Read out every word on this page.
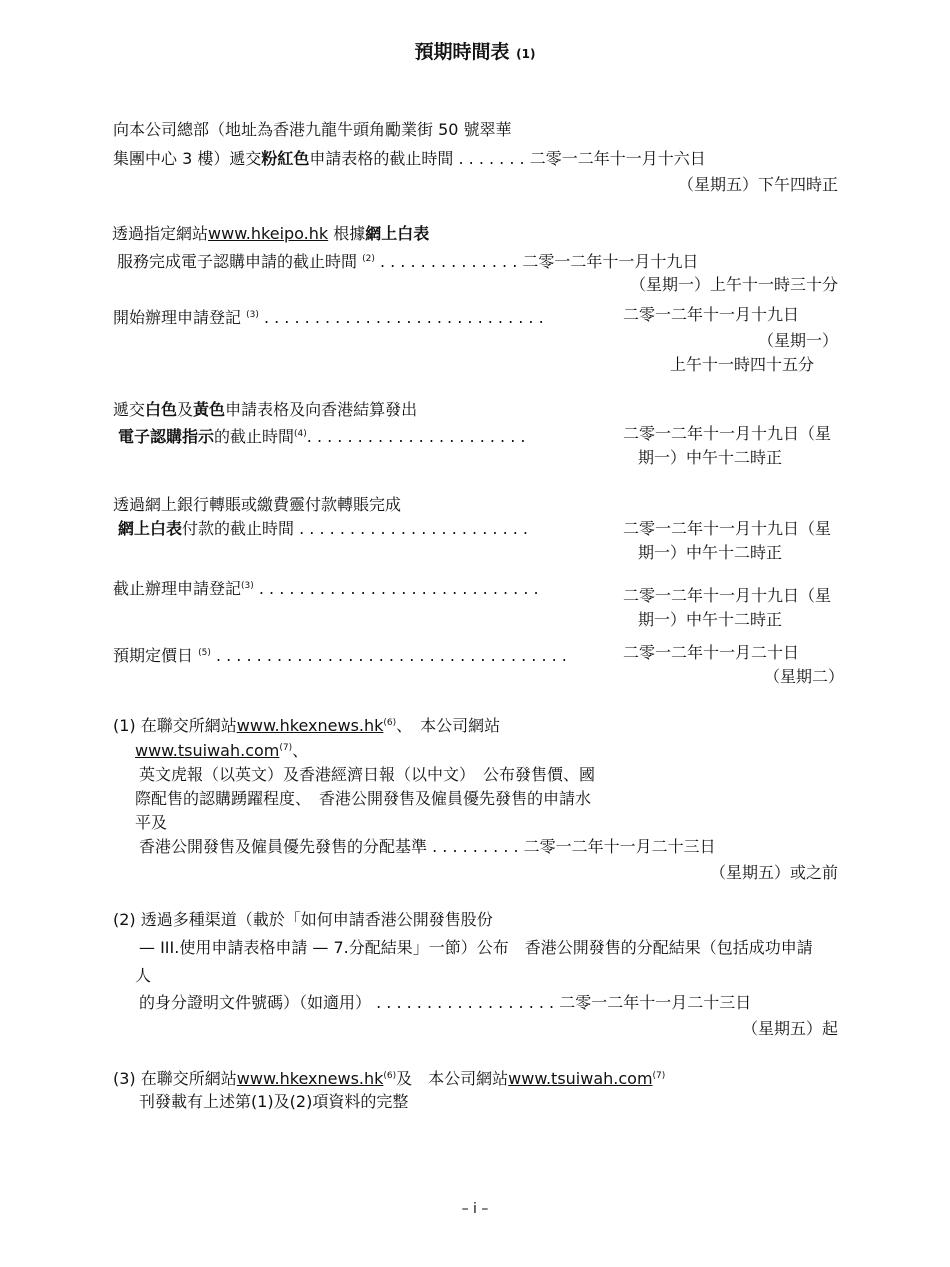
預期時間表 (1)
向本公司總部（地址為香港九龍牛頭角勵業街 50 號翠華
集團中心 3 樓）遞交粉紅色申請表格的截止時間 . . . . . . . 二零一二年十一月十六日
（星期五）下午四時正
透過指定網站www.hkeipo.hk 根據網上白表
服務完成電子認購申請的截止時間 $^{(2)}$ . . . . . . . . . . . . . . 二零一二年十一月十九日
（星期一）上午十一時三十分
開始辦理申請登記 $^{(3)}$ . . . . . . . . . . . . . . . . . . . . . . . . . . . .	二零一二年十一月十九日
（星期一）
上午十一時四十五分
遞交白色及黃色申請表格及向香港結算發出
電子認購指示的截止時間$^{(4)}$. . . . . . . . . . . . . . . . . . . . . .	二零一二年十一月十九日（星
期一）中午十二時正
透過網上銀行轉賬或繳費靈付款轉賬完成
網上白表付款的截止時間 . . . . . . . . . . . . . . . . . . . . . . .	二零一二年十一月十九日（星
期一）中午十二時正
截止辦理申請登記$^{(3)}$ . . . . . . . . . . . . . . . . . . . . . . . . . . . .	二零一二年十一月十九日（星
期一）中午十二時正
預期定價日 $^{(5)}$ . . . . . . . . . . . . . . . . . . . . . . . . . . . . . . . . . . .	二零一二年十一月二十日
（星期二）
(1) 在聯交所網站$www.hkexnews.hk^{(6)}$、　本公司網站
www.tsuiwah.com$^{(7)}$、
英文虎報（以英文）及香港經濟日報（以中文）　公布發售價、國
際配售的認購踴躍程度、　香港公開發售及僱員優先發售的申請水
平及
香港公開發售及僱員優先發售的分配基準 . . . . . . . . . 二零一二年十一月二十三日
（星期五）或之前
(2) 透過多種渠道（載於「如何申請香港公開發售股份
— III.使用申請表格申請 — 7.分配結果」一節）公布　香港公開發售的分配結果（包括成功申請
人
的身分證明文件號碼）（如適用） . . . . . . . . . . . . . . . . . . 二零一二年十一月二十三日
（星期五）起
(3) 在聯交所網站$www.hkexnews.hk^{(6)}$及　本公司網站www.tsuiwah.com$^{(7)}$
刊發載有上述第(1)及(2)項資料的完整
– i –
